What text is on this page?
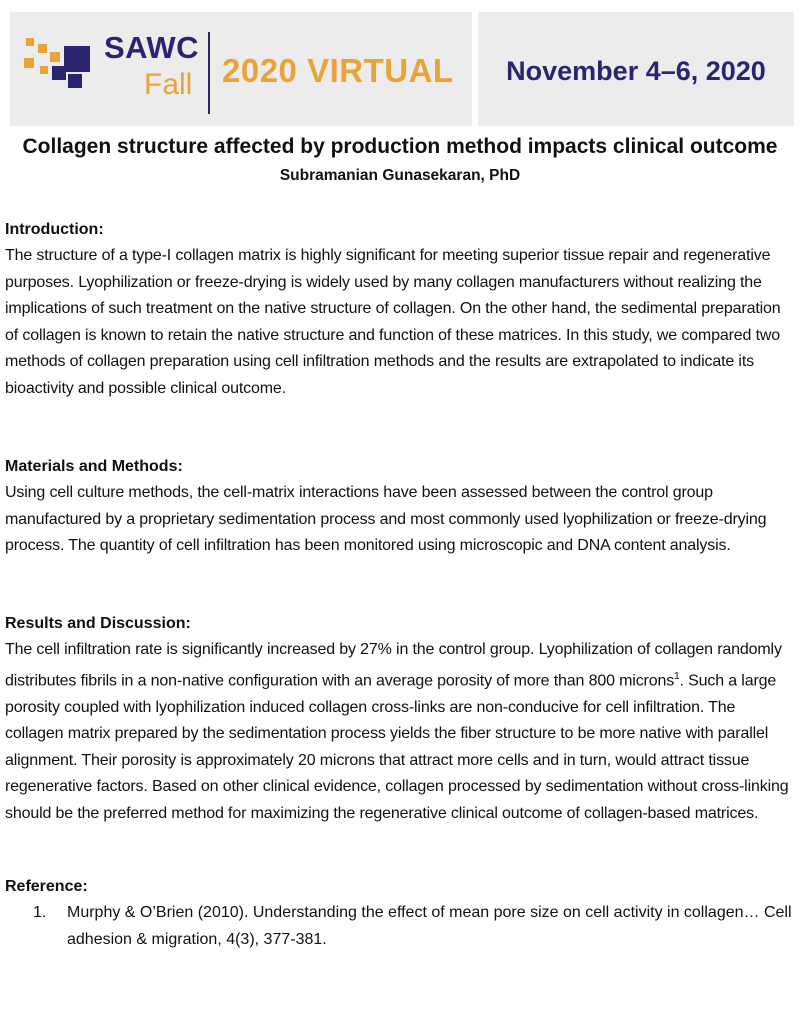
SAWC
Fall 2020 VIRTUAL	November 4–6, 2020
Collagen structure affected by production method impacts clinical outcome
Subramanian Gunasekaran, PhD
Introduction:

The structure of a type-I collagen matrix is highly significant for meeting superior tissue repair and regenerative purposes. Lyophilization or freeze-drying is widely used by many collagen manufacturers without realizing the implications of such treatment on the native structure of collagen. On the other hand, the sedimental preparation of collagen is known to retain the native structure and function of these matrices. In this study, we compared two methods of collagen preparation using cell infiltration methods and the results are extrapolated to indicate its bioactivity and possible clinical outcome.

Materials and Methods:

Using cell culture methods, the cell-matrix interactions have been assessed between the control group manufactured by a proprietary sedimentation process and most commonly used lyophilization or freeze-drying process. The quantity of cell infiltration has been monitored using microscopic and DNA content analysis.

Results and Discussion:

The cell infiltration rate is significantly increased by 27% in the control group. Lyophilization of collagen randomly distributes fibrils in a non-native configuration with an average porosity of more than 800 microns$^1$. Such a large porosity coupled with lyophilization induced collagen cross-links are non-conducive for cell infiltration. The collagen matrix prepared by the sedimentation process yields the fiber structure to be more native with parallel alignment. Their porosity is approximately 20 microns that attract more cells and in turn, would attract tissue regenerative factors. Based on other clinical evidence, collagen processed by sedimentation without cross-linking should be the preferred method for maximizing the regenerative clinical outcome of collagen-based matrices.

Reference:
1. Murphy & O’Brien (2010). Understanding the effect of mean pore size on cell activity in collagen… Cell adhesion & migration, 4(3), 377-381.
